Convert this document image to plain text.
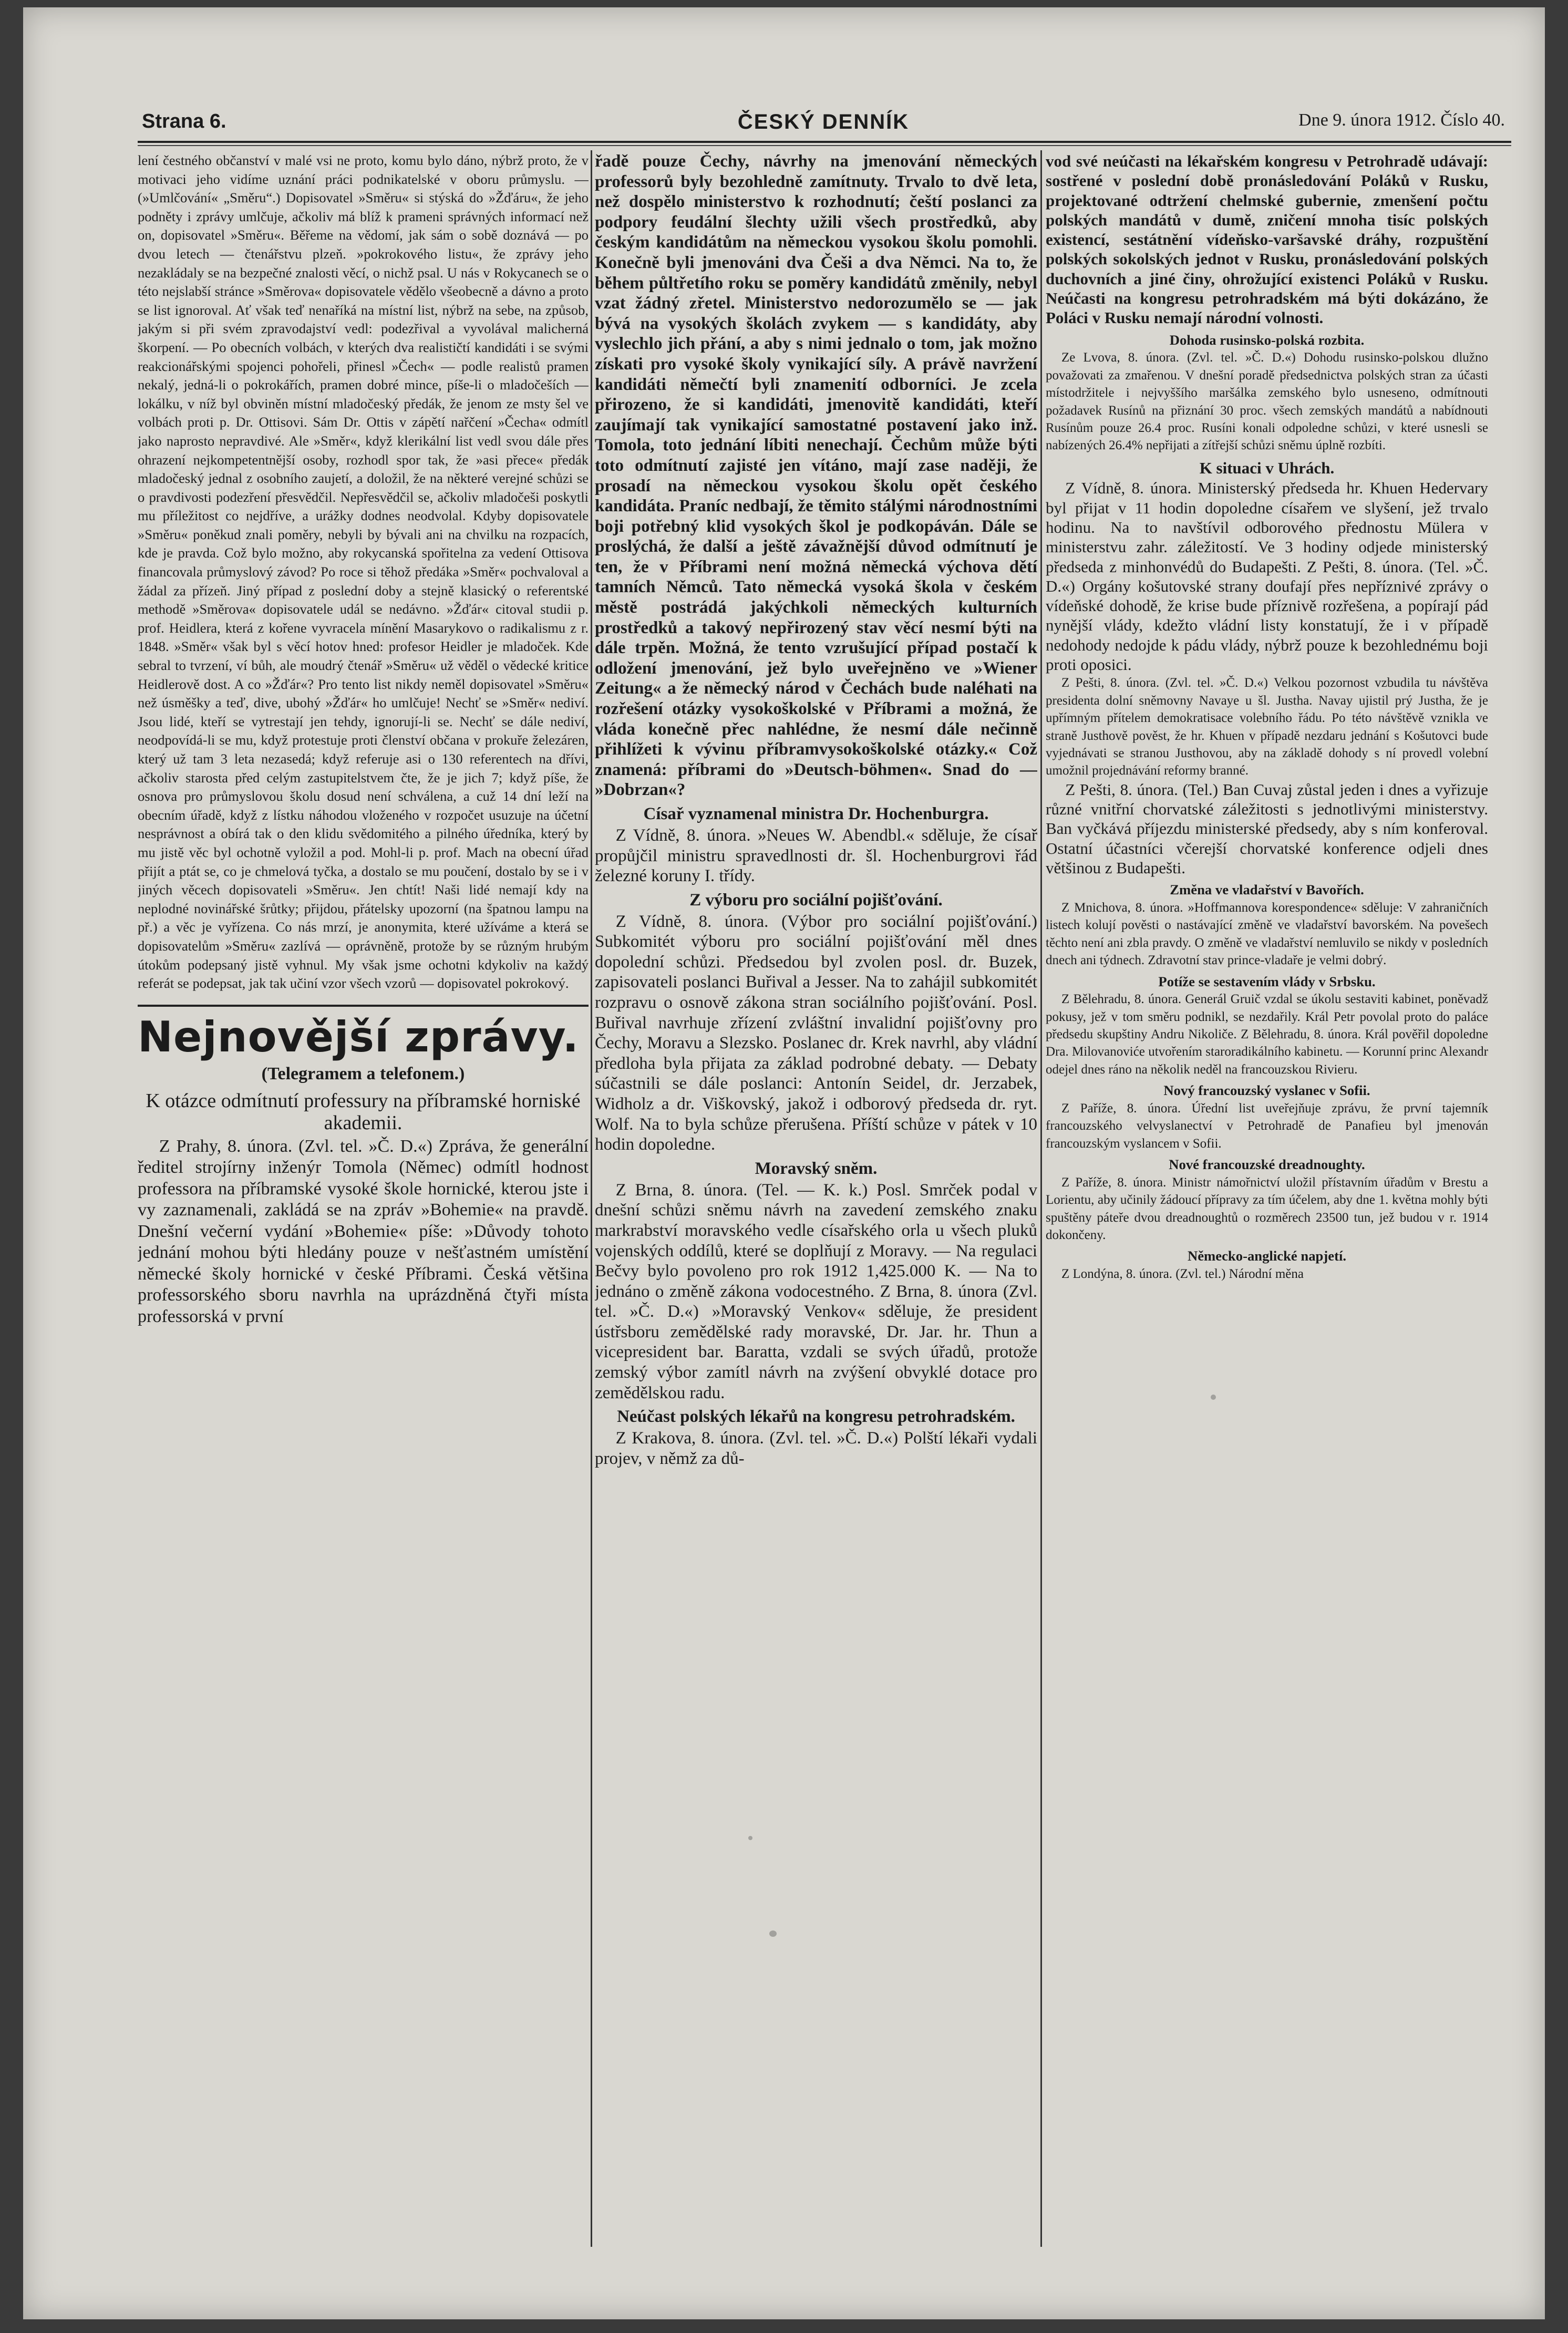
Strana 6.	ČESKÝ DENNÍK	Dne 9. února 1912. Číslo 40.

lení čestného občanství v malé vsi ne proto, komu bylo dáno, nýbrž proto, že v motivaci jeho vidíme uznání práci podnikatelské v oboru průmyslu. — (»Umlčování« „Směru“.) Dopisovatel »Směru« si stýská do »Žďáru«, že jeho podněty i zprávy umlčuje, ačkoliv má blíž k prameni správných informací než on, dopisovatel »Směru«. Běřeme na vědomí, jak sám o sobě doznává — po dvou letech — čtenářstvu plzeň. »pokrokového listu«, že zprávy jeho nezakládaly se na bezpečné znalosti věcí, o nichž psal. U nás v Rokycanech se o této nejslabší stránce »Směrova« dopisovatele vědělo všeobecně a dávno a proto se list ignoroval. Ať však teď nenaříká na místní list, nýbrž na sebe, na způsob, jakým si při svém zpravodajství vedl: podezřival a vyvolával malicherná škorpení. — Po obecních volbách, v kterých dva realističtí kandidáti i se svými reakcionářskými spojenci pohořeli, přinesl »Čech« — podle realistů pramen nekalý, jedná-li o pokrokářích, pramen dobré mince, píše-li o mladočeších — lokálku, v níž byl obviněn místní mladočeský předák, že jenom ze msty šel ve volbách proti p. Dr. Ottisovi. Sám Dr. Ottis v zápětí nařčení »Čecha« odmítl jako naprosto nepravdivé. Ale »Směr«, když klerikální list vedl svou dále přes ohrazení nejkompetentnější osoby, rozhodl spor tak, že »asi přece« předák mladočeský jednal z osobního zaujetí, a doložil, že na některé verejné schůzi se o pravdivosti podezření přesvědčil. Nepřesvědčil se, ačkoliv mladočeši poskytli mu příležitost co nejdříve, a urážky dodnes neodvolal. Kdyby dopisovatele »Směru« poněkud znali poměry, nebyli by bývali ani na chvilku na rozpacích, kde je pravda. Což bylo možno, aby rokycanská spořitelna za vedení Ottisova financovala průmyslový závod? Po roce si těhož předáka »Směr« pochvaloval a žádal za přízeň. Jiný případ z poslední doby a stejně klasický o referentské methodě »Směrova« dopisovatele udál se nedávno. »Žďár« citoval studii p. prof. Heidlera, která z kořene vyvracela mínění Masarykovo o radikalismu z r. 1848. »Směr« však byl s věcí hotov hned: profesor Heidler je mladoček. Kde sebral to tvrzení, ví bůh, ale moudrý čtenář »Směru« už věděl o vědecké kritice Heidlerově dost. A co »Žďár«? Pro tento list nikdy neměl dopisovatel »Směru« než úsměšky a teď, dive, ubohý »Žďár« ho umlčuje! Nechť se »Směr« nediví. Jsou lidé, kteří se vytrestají jen tehdy, ignorují-li se. Nechť se dále nediví, neodpovídá-li se mu, když protestuje proti členství občana v prokuře železáren, který už tam 3 leta nezasedá; když referuje asi o 130 referentech na dřívi, ačkoliv starosta před celým zastupitelstvem čte, že je jich 7; když píše, že osnova pro průmyslovou školu dosud není schválena, a cuž 14 dní leží na obecním úřadě, když z lístku náhodou vloženého v rozpočet usuzuje na účetní nesprávnost a obírá tak o den klidu svědomitého a pilného úředníka, který by mu jistě věc byl ochotně vyložil a pod. Mohl-li p. prof. Mach na obecní úřad přijít a ptát se, co je chmelová tyčka, a dostalo se mu poučení, dostalo by se i v jiných věcech dopisovateli »Směru«. Jen chtít! Naši lidé nemají kdy na neplodné novinářské šrůtky; přijdou, přátelsky upozorní (na špatnou lampu na př.) a věc je vyřízena. Co nás mrzí, je anonymita, které užíváme a která se dopisovatelům »Směru« zazlívá — oprávněně, protože by se různým hrubým útokům podepsaný jistě vyhnul. My však jsme ochotni kdykoliv na každý referát se podepsat, jak tak učiní vzor všech vzorů — dopisovatel pokrokový.

Nejnovější zprávy.
(Telegramem a telefonem.)
K otázce odmítnutí professury na příbramské horniské akademii.

Z Prahy, 8. února. (Zvl. tel. »Č. D.«) Zpráva, že generální ředitel strojírny inženýr Tomola (Němec) odmítl hodnost professora na příbramské vysoké škole hornické, kterou jste i vy zaznamenali, zakládá se na zpráv »Bohemie« na pravdě. Dnešní večerní vydání »Bohemie« píše: »Důvody tohoto jednání mohou býti hledány pouze v nešťastném umístění německé školy hornické v české Příbrami. Česká většina professorského sboru navrhla na uprázdněná čtyři místa professorská v první

řadě pouze Čechy, návrhy na jmenování německých professorů byly bezohledně zamítnuty. Trvalo to dvě leta, než dospělo ministerstvo k rozhodnutí; čeští poslanci za podpory feudální šlechty užili všech prostředků, aby českým kandidátům na německou vysokou školu pomohli. Konečně byli jmenováni dva Češi a dva Němci. Na to, že během půltřetího roku se poměry kandidátů změnily, nebyl vzat žádný zřetel. Ministerstvo nedorozumělo se — jak bývá na vysokých školách zvykem — s kandidáty, aby vyslechlo jich přání, a aby s nimi jednalo o tom, jak možno získati pro vysoké školy vynikající síly. A právě navržení kandidáti němečtí byli znamenití odborníci. Je zcela přirozeno, že si kandidáti, jmenovitě kandidáti, kteří zaujímají tak vynikající samostatné postavení jako inž. Tomola, toto jednání líbiti nenechají. Čechům může býti toto odmítnutí zajisté jen vítáno, mají zase naději, že prosadí na německou vysokou školu opět českého kandidáta. Praníc nedbají, že těmito stálými národnostními boji potřebný klid vysokých škol je podkopáván. Dále se proslýchá, že další a ještě závažnější důvod odmítnutí je ten, že v Příbrami není možná německá výchova dětí tamních Němců. Tato německá vysoká škola v českém městě postrádá jakýchkoli německých kulturních prostředků a takový nepřirozený stav věcí nesmí býti na dále trpěn. Možná, že tento vzrušující případ postačí k odložení jmenování, jež bylo uveřejněno ve »Wiener Zeitung« a že německý národ v Čechách bude naléhati na rozřešení otázky vysokoškolské v Příbrami a možná, že vláda konečně přec nahlédne, že nesmí dále nečinně přihlížeti k vývinu příbramvysokoškolské otázky.« Což znamená: příbrami do »Deutsch-böhmen«. Snad do — »Dobrzan«?

Císař vyznamenal ministra Dr. Hochenburgra.

Z Vídně, 8. února. »Neues W. Abendbl.« sděluje, že císař propůjčil ministru spravedlnosti dr. šl. Hochenburgrovi řád železné koruny I. třídy.

Z výboru pro sociální pojišťování.

Z Vídně, 8. února. (Výbor pro sociální pojišťování.) Subkomitét výboru pro sociální pojišťování měl dnes dopolední schůzi. Předsedou byl zvolen posl. dr. Buzek, zapisovateli poslanci Buřival a Jesser. Na to zahájil subkomitét rozpravu o osnově zákona stran sociálního pojišťování. Posl. Buřival navrhuje zřízení zvláštní invalidní pojišťovny pro Čechy, Moravu a Slezsko. Poslanec dr. Krek navrhl, aby vládní předloha byla přijata za základ podrobné debaty. — Debaty súčastnili se dále poslanci: Antonín Seidel, dr. Jerzabek, Widholz a dr. Viškovský, jakož i odborový předseda dr. ryt. Wolf. Na to byla schůze přerušena. Příští schůze v pátek v 10 hodin dopoledne.

Moravský sněm.

Z Brna, 8. února. (Tel. — K. k.) Posl. Smrček podal v dnešní schůzi sněmu návrh na zavedení zemského znaku markrabství moravského vedle císařského orla u všech pluků vojenských oddílů, které se doplňují z Moravy. — Na regulaci Bečvy bylo povoleno pro rok 1912 1,425.000 K. — Na to jednáno o změně zákona vodocestného. Z Brna, 8. února (Zvl. tel. »Č. D.«) »Moravský Venkov« sděluje, že president ústřsboru zemědělské rady moravské, Dr. Jar. hr. Thun a vicepresident bar. Baratta, vzdali se svých úřadů, protože zemský výbor zamítl návrh na zvýšení obvyklé dotace pro zemědělskou radu.

Neúčast polských lékařů na kongresu petrohradském.

Z Krakova, 8. února. (Zvl. tel. »Č. D.«) Polští lékaři vydali projev, v němž za dů-

vod své neúčasti na lékařském kongresu v Petrohradě udávají: sostřené v poslední době pronásledování Poláků v Rusku, projektované odtržení chelmské gubernie, zmenšení počtu polských mandátů v dumě, zničení mnoha tisíc polských existencí, sestátnění vídeňsko-varšavské dráhy, rozpuštění polských sokolských jednot v Rusku, pronásledování polských duchovních a jiné činy, ohrožující existenci Poláků v Rusku. Neúčasti na kongresu petrohradském má býti dokázáno, že Poláci v Rusku nemají národní volnosti.

Dohoda rusinsko-polská rozbita.

Ze Lvova, 8. února. (Zvl. tel. »Č. D.«) Dohodu rusinsko-polskou dlužno považovati za zmařenou. V dnešní poradě předsednictva polských stran za účasti místodržitele i nejvyššího maršálka zemského bylo usneseno, odmítnouti požadavek Rusínů na přiznání 30 proc. všech zemských mandátů a nabídnouti Rusínům pouze 26.4 proc. Rusíni konali odpoledne schůzi, v které usnesli se nabízených 26.4% nepřijati a zítřejší schůzi sněmu úplně rozbíti.

K situaci v Uhrách.

Z Vídně, 8. února. Ministerský předseda hr. Khuen Hedervary byl přijat v 11 hodin dopoledne císařem ve slyšení, jež trvalo hodinu. Na to navštívil odborového přednostu Mülera v ministerstvu zahr. záležitostí. Ve 3 hodiny odjede ministerský předseda z minhonvédů do Budapešti. Z Pešti, 8. února. (Tel. »Č. D.«) Orgány košutovské strany doufají přes nepříznivé zprávy o vídeňské dohodě, že krise bude příznivě rozřešena, a popírají pád nynější vlády, kdežto vládní listy konstatují, že i v případě nedohody nedojde k pádu vlády, nýbrž pouze k bezohlednému boji proti oposici.

Z Pešti, 8. února. (Zvl. tel. »Č. D.«) Velkou pozornost vzbudila tu návštěva presidenta dolní sněmovny Navaye u šl. Justha. Navay ujistil prý Justha, že je upřímným přítelem demokratisace volebního řádu. Po této návštěvě vznikla ve straně Justhově pověst, že hr. Khuen v případě nezdaru jednání s Košutovci bude vyjednávati se stranou Justhovou, aby na základě dohody s ní provedl volební umožnil projednávání reformy branné.

Z Pešti, 8. února. (Tel.) Ban Cuvaj zůstal jeden i dnes a vyřizuje různé vnitřní chorvatské záležitosti s jednotlivými ministerstvy. Ban vyčkává příjezdu ministerské předsedy, aby s ním konferoval. Ostatní účastníci včerejší chorvatské konference odjeli dnes většinou z Budapešti.

Změna ve vladařství v Bavořích.

Z Mnichova, 8. února. »Hoffmannova korespondence« sděluje: V zahraničních listech kolují pověsti o nastávající změně ve vladařství bavorském. Na povešech těchto není ani zbla pravdy. O změně ve vladařství nemluvilo se nikdy v posledních dnech ani týdnech. Zdravotní stav prince-vladaře je velmi dobrý.

Potíže se sestavením vlády v Srbsku.

Z Bělehradu, 8. února. Generál Gruič vzdal se úkolu sestaviti kabinet, poněvadž pokusy, jež v tom směru podnikl, se nezdařily. Král Petr povolal proto do paláce předsedu skupštiny Andru Nikoliče. Z Bělehradu, 8. února. Král pověřil dopoledne Dra. Milovanoviće utvořením staroradikálního kabinetu. — Korunní princ Alexandr odejel dnes ráno na několik neděl na francouzskou Rivieru.

Nový francouzský vyslanec v Sofii.

Z Paříže, 8. února. Úřední list uveřejňuje zprávu, že první tajemník francouzského velvyslanectví v Petrohradě de Panafieu byl jmenován francouzským vyslancem v Sofii.

Nové francouzské dreadnoughty.

Z Paříže, 8. února. Ministr námořnictví uložil přístavním úřadům v Brestu a Lorientu, aby učinily žádoucí přípravy za tím účelem, aby dne 1. května mohly býti spuštěny páteře dvou dreadnoughtů o rozměrech 23500 tun, jež budou v r. 1914 dokončeny.

Německo-anglické napjetí.

Z Londýna, 8. února. (Zvl. tel.) Národní měna
